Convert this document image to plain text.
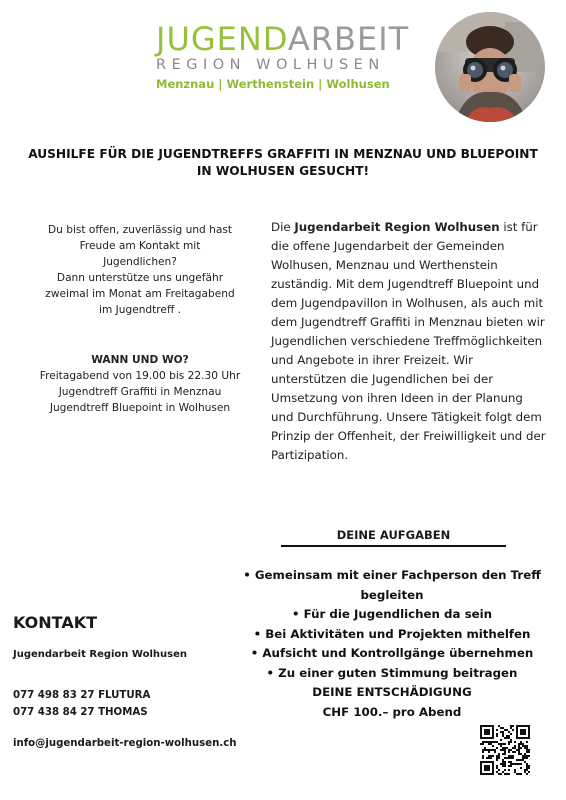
JUGENDARBEIT
REGION WOLHUSEN
Menznau | Werthenstein | Wolhusen
AUSHILFE FÜR DIE JUGENDTREFFS GRAFFITI IN MENZNAU UND BLUEPOINT IN WOLHUSEN GESUCHT!
Du bist offen, zuverlässig und hast
Freude am Kontakt mit
Jugendlichen?
Dann unterstütze uns ungefähr
zweimal im Monat am Freitagabend
im Jugendtreff .
WANN UND WO?
Freitagabend von 19.00 bis 22.30 Uhr
Jugendtreff Graffiti in Menznau
Jugendtreff Bluepoint in Wolhusen
Die Jugendarbeit Region Wolhusen ist für die offene Jugendarbeit der Gemeinden Wolhusen, Menznau und Werthenstein zuständig. Mit dem Jugendtreff Bluepoint und dem Jugendpavillon in Wolhusen, als auch mit dem Jugendtreff Graffiti in Menznau bieten wir Jugendlichen verschiedene Treffmöglichkeiten und Angebote in ihrer Freizeit. Wir unterstützen die Jugendlichen bei der Umsetzung von ihren Ideen in der Planung und Durchführung. Unsere Tätigkeit folgt dem Prinzip der Offenheit, der Freiwilligkeit und der Partizipation.
DEINE AUFGABEN
• Gemeinsam mit einer Fachperson den Treff
begleiten
• Für die Jugendlichen da sein
• Bei Aktivitäten und Projekten mithelfen
• Aufsicht und Kontrollgänge übernehmen
• Zu einer guten Stimmung beitragen
DEINE ENTSCHÄDIGUNG
CHF 100.– pro Abend
KONTAKT
Jugendarbeit Region Wolhusen
077 498 83 27 FLUTURA
077 438 84 27 THOMAS
info@jugendarbeit-region-wolhusen.ch
